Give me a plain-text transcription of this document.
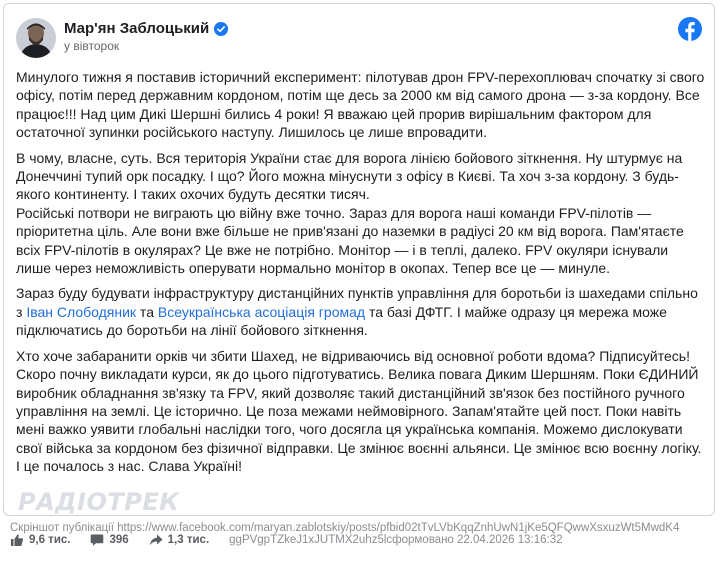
Мар'ян Заблоцький
у вівторок

Минулого тижня я поставив історичний експеримент: пілотував дрон FPV-перехоплювач спочатку зі свого офісу, потім перед державним кордоном, потім ще десь за 2000 км від самого дрона — з-за кордону. Все працює!!! Над цим Дикі Шершні бились 4 роки! Я вважаю цей прорив вирішальним фактором для остаточної зупинки російського наступу. Лишилось це лише впровадити.

В чому, власне, суть. Вся територія України стає для ворога лінією бойового зіткнення. Ну штурмує на Донеччині тупий орк посадку. І що? Його можна мінуснути з офісу в Києві. Та хоч з-за кордону. З будь-якого континенту. І таких охочих будуть десятки тисяч.

Російські потвори не виграють цю війну вже точно. Зараз для ворога наші команди FPV-пілотів — пріоритетна ціль. Але вони вже більше не прив'язані до наземки в радіусі 20 км від ворога. Пам'ятаєте всіх FPV-пілотів в окулярах? Це вже не потрібно. Монітор — і в теплі, далеко. FPV окуляри існували лише через неможливість оперувати нормально монітор в окопах. Тепер все це — минуле.

Зараз буду будувати інфраструктуру дистанційних пунктів управління для боротьби із шахедами спільно з Іван Слободяник та Всеукраїнська асоціація громад та базі ДФТГ. І майже одразу ця мережа може підключатись до боротьби на лінії бойового зіткнення.

Хто хоче забаранити орків чи збити Шахед, не відриваючись від основної роботи вдома? Підписуйтесь! Скоро почну викладати курси, як до цього підготуватись. Велика повага Диким Шершням. Поки ЄДИНИЙ виробник обладнання зв'язку та FPV, який дозволяє такий дистанційний зв'язок без постійного ручного управління на землі. Це історично. Це поза межами неймовірного. Запам'ятайте цей пост. Поки навіть мені важко уявити глобальні наслідки того, чого досягла ця українська компанія. Можемо дислокувати свої війська за кордоном без фізичної відправки. Це змінює воєнні альянси. Це змінює всю воєнну логіку. І це почалось з нас. Слава Україні!

РАДІОТРЕК
Скріншот публікації https://www.facebook.com/maryan.zablotskiy/posts/pfbid02tTvLVbKqqZnhUwN1jKe5QFQwwXsxuzWt5MwdK4
9,6 тис.	396	1,3 тис. ggPVgpTZkeJ1xJUTMX2uhz5l сформовано 22.04.2026 13:16:32
